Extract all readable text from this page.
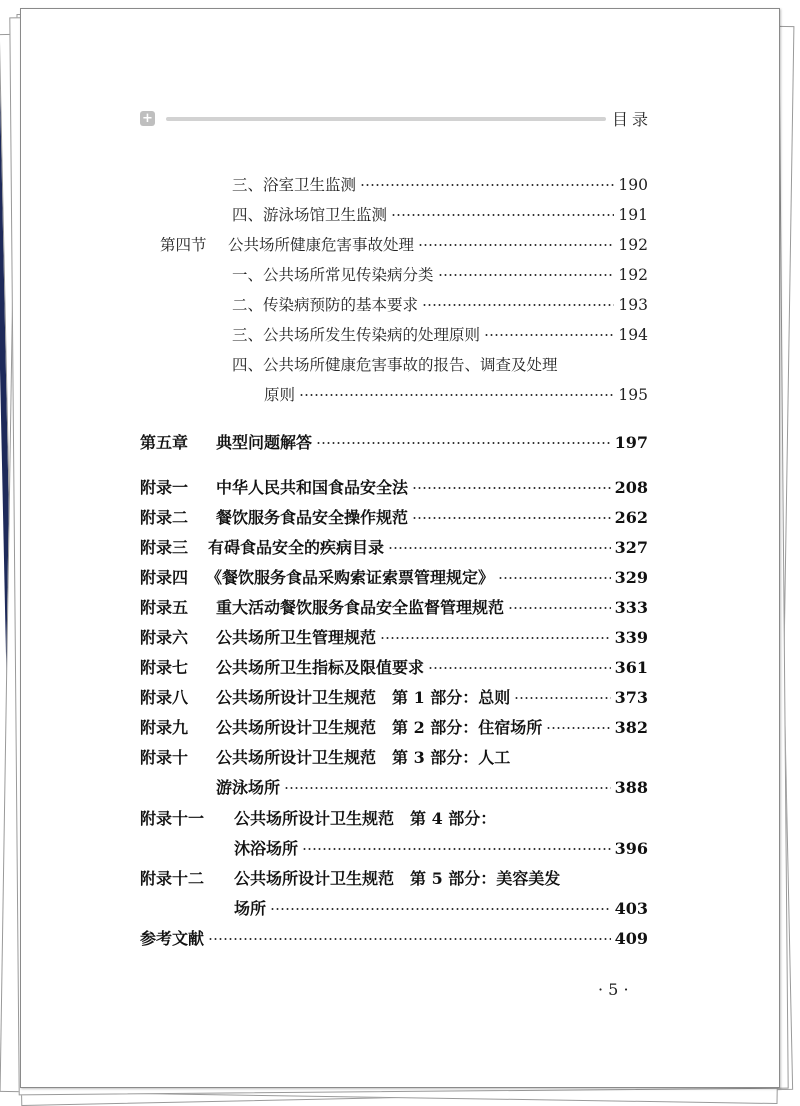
+	目录
三、浴室卫生监测	190
四、游泳场馆卫生监测	191
第四节	公共场所健康危害事故处理	192
一、公共场所常见传染病分类	192
二、传染病预防的基本要求	193
三、公共场所发生传染病的处理原则	194
四、公共场所健康危害事故的报告、调查及处理
原则	195
第五章	典型问题解答	197
附录一	中华人民共和国食品安全法	208
附录二	餐饮服务食品安全操作规范	262
附录三	有碍食品安全的疾病目录	327
附录四	《餐饮服务食品采购索证索票管理规定》	329
附录五	重大活动餐饮服务食品安全监督管理规范	333
附录六	公共场所卫生管理规范	339
附录七	公共场所卫生指标及限值要求	361
附录八	公共场所设计卫生规范　第 1 部分：总则	373
附录九	公共场所设计卫生规范　第 2 部分：住宿场所	382
附录十	公共场所设计卫生规范　第 3 部分：人工
游泳场所	388
附录十一	公共场所设计卫生规范　第 4 部分：
沐浴场所	396
附录十二	公共场所设计卫生规范　第 5 部分：美容美发
场所	403
参考文献	409
· 5 ·
